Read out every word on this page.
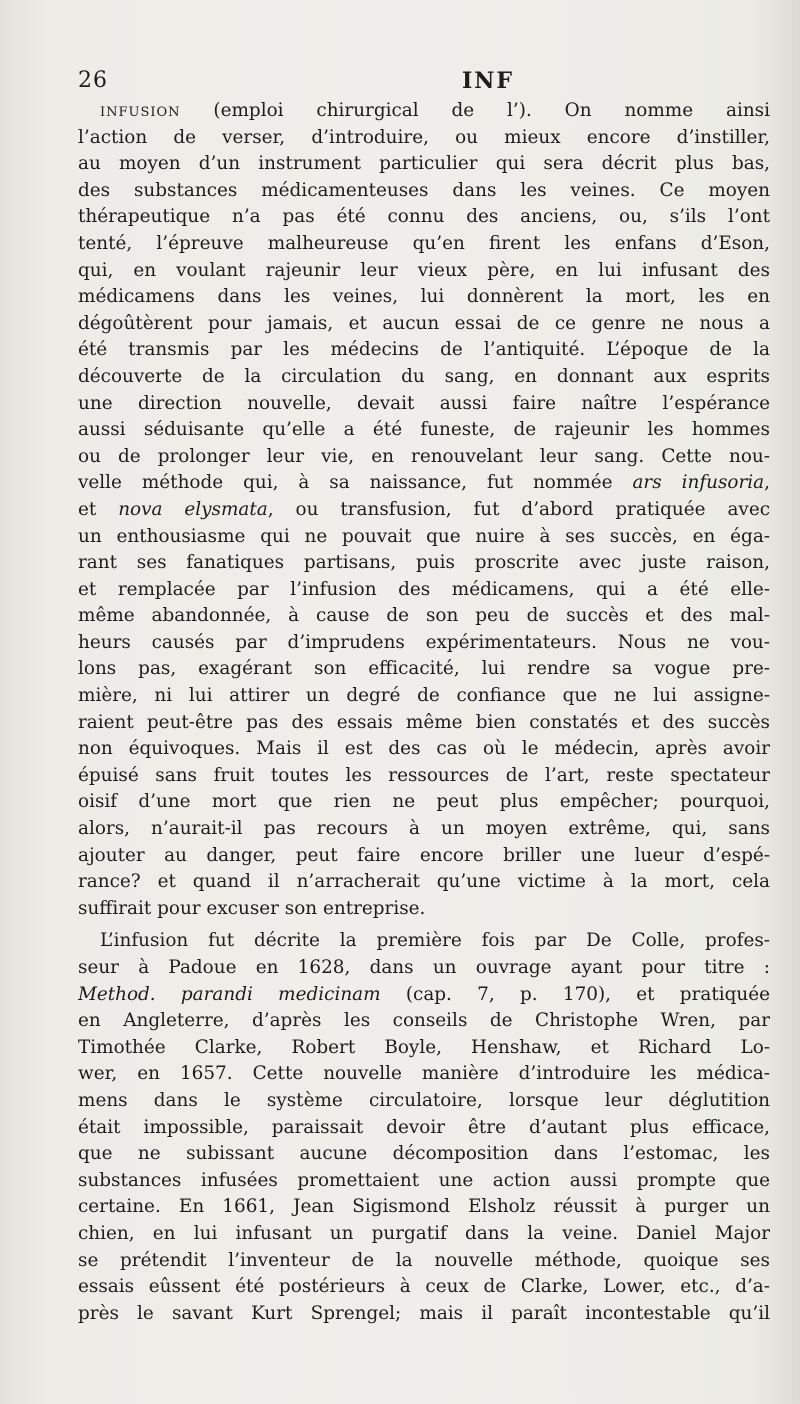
26	INF
infusion (emploi chirurgical de l’). On nomme ainsi
l’action de verser, d’introduire, ou mieux encore d’instiller,
au moyen d’un instrument particulier qui sera décrit plus bas,
des substances médicamenteuses dans les veines. Ce moyen
thérapeutique n’a pas été connu des anciens, ou, s’ils l’ont
tenté, l’épreuve malheureuse qu’en firent les enfans d’Eson,
qui, en voulant rajeunir leur vieux père, en lui infusant des
médicamens dans les veines, lui donnèrent la mort, les en
dégoûtèrent pour jamais, et aucun essai de ce genre ne nous a
été transmis par les médecins de l’antiquité. L’époque de la
découverte de la circulation du sang, en donnant aux esprits
une direction nouvelle, devait aussi faire naître l’espérance
aussi séduisante qu’elle a été funeste, de rajeunir les hommes
ou de prolonger leur vie, en renouvelant leur sang. Cette nou-
velle méthode qui, à sa naissance, fut nommée ars infusoria,
et nova elysmata, ou transfusion, fut d’abord pratiquée avec
un enthousiasme qui ne pouvait que nuire à ses succès, en éga-
rant ses fanatiques partisans, puis proscrite avec juste raison,
et remplacée par l’infusion des médicamens, qui a été elle-
même abandonnée, à cause de son peu de succès et des mal-
heurs causés par d’imprudens expérimentateurs. Nous ne vou-
lons pas, exagérant son efficacité, lui rendre sa vogue pre-
mière, ni lui attirer un degré de confiance que ne lui assigne-
raient peut-être pas des essais même bien constatés et des succès
non équivoques. Mais il est des cas où le médecin, après avoir
épuisé sans fruit toutes les ressources de l’art, reste spectateur
oisif d’une mort que rien ne peut plus empêcher; pourquoi,
alors, n’aurait-il pas recours à un moyen extrême, qui, sans
ajouter au danger, peut faire encore briller une lueur d’espé-
rance? et quand il n’arracherait qu’une victime à la mort, cela
suffirait pour excuser son entreprise.
L’infusion fut décrite la première fois par De Colle, profes-
seur à Padoue en 1628, dans un ouvrage ayant pour titre :
Method. parandi medicinam (cap. 7, p. 170), et pratiquée
en Angleterre, d’après les conseils de Christophe Wren, par
Timothée Clarke, Robert Boyle, Henshaw, et Richard Lo-
wer, en 1657. Cette nouvelle manière d’introduire les médica-
mens dans le système circulatoire, lorsque leur déglutition
était impossible, paraissait devoir être d’autant plus efficace,
que ne subissant aucune décomposition dans l’estomac, les
substances infusées promettaient une action aussi prompte que
certaine. En 1661, Jean Sigismond Elsholz réussit à purger un
chien, en lui infusant un purgatif dans la veine. Daniel Major
se prétendit l’inventeur de la nouvelle méthode, quoique ses
essais eûssent été postérieurs à ceux de Clarke, Lower, etc., d’a-
près le savant Kurt Sprengel; mais il paraît incontestable qu’il
